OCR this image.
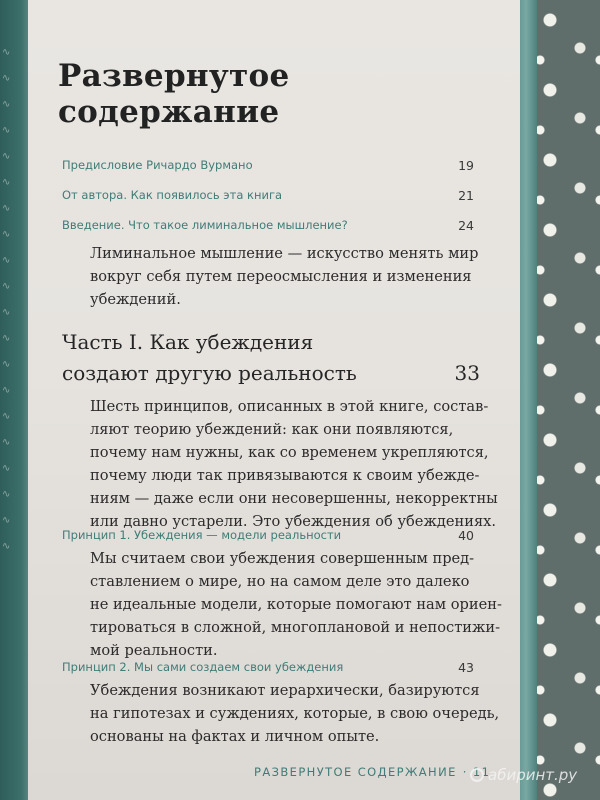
∿
∿
∿
∿
∿
∿
∿
∿
∿
∿
∿
∿
∿
∿
∿
∿
∿
∿
∿
∿
Развернутое содержание
Предисловие Ричардо Вурмано	19
От автора. Как появилось эта книга	21
Введение. Что такое лиминальное мышление?	24
Лиминальное мышление — искусство менять мир
вокруг себя путем переосмысления и изменения
убеждений.
Часть I. Как убеждения
создают другую реальность	33
Шесть принципов, описанных в этой книге, состав-
ляют теорию убеждений: как они появляются,
почему нам нужны, как со временем укрепляются,
почему люди так привязываются к своим убежде-
ниям — даже если они несовершенны, некорректны
или давно устарели. Это убеждения об убеждениях.
Принцип 1. Убеждения — модели реальности	40
Мы считаем свои убеждения совершенным пред-
ставлением о мире, но на самом деле это далеко
не идеальные модели, которые помогают нам ориен-
тироваться в сложной, многоплановой и непостижи-
мой реальности.
Принцип 2. Мы сами создаем свои убеждения	43
Убеждения возникают иерархически, базируются
на гипотезах и суждениях, которые, в свою очередь,
основаны на фактах и личном опыте.
РАЗВЕРНУТОЕ СОДЕРЖАНИЕ · 11
абиринт.ру
